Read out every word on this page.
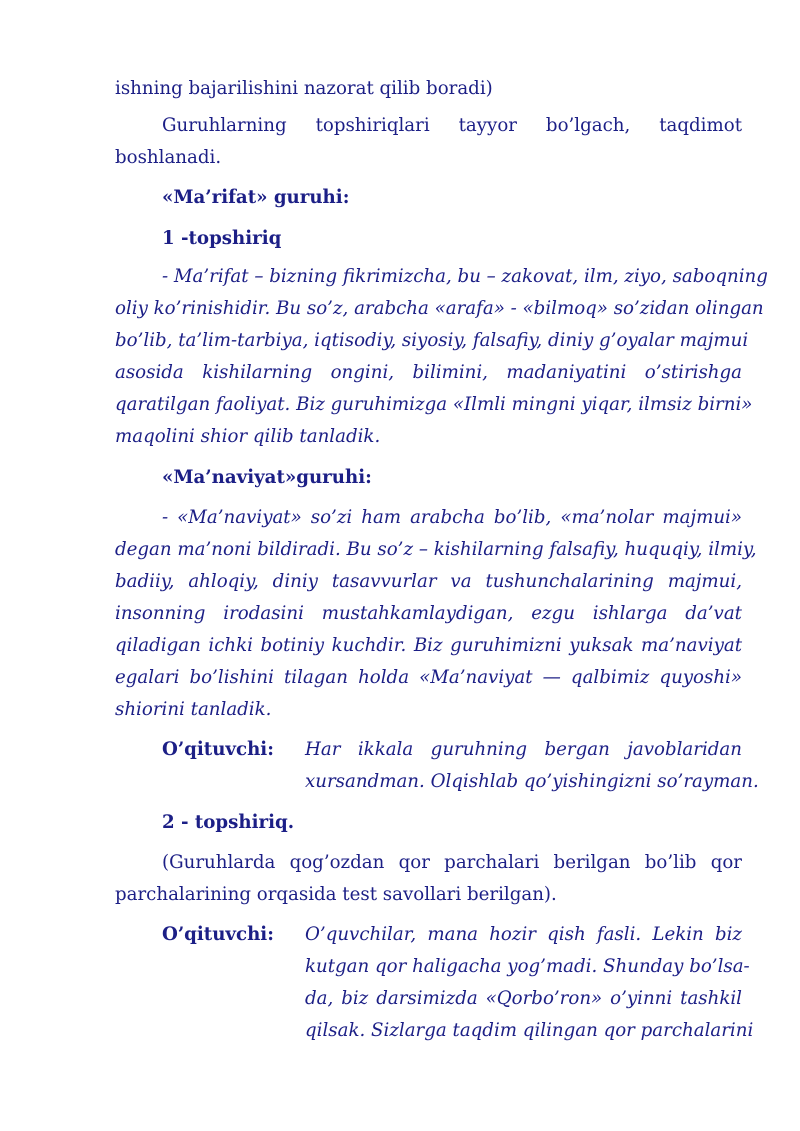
ishning bajarilishini nazorat qilib boradi)
Guruhlarning topshiriqlari tayyor bo’lgach, taqdimot
boshlanadi.
«Ma’rifat» guruhi:
1 -topshiriq
- Ma’rifat – bizning fikrimizcha, bu – zakovat, ilm, ziyo, saboqning
oliy ko’rinishidir. Bu so’z, arabcha «arafa» - «bilmoq» so’zidan olingan
bo’lib, ta’lim-tarbiya, iqtisodiy, siyosiy, falsafiy, diniy g’oyalar majmui
asosida kishilarning ongini, bilimini, madaniyatini o’stirishga
qaratilgan faoliyat. Biz guruhimizga «Ilmli mingni yiqar, ilmsiz birni»
maqolini shior qilib tanladik.
«Ma’naviyat»guruhi:
- «Ma’naviyat» so’zi ham arabcha bo’lib, «ma’nolar majmui»
degan ma’noni bildiradi. Bu so’z – kishilarning falsafiy, huquqiy, ilmiy,
badiiy, ahloqiy, diniy tasavvurlar va tushunchalarining majmui,
insonning irodasini mustahkamlaydigan, ezgu ishlarga da’vat
qiladigan ichki botiniy kuchdir. Biz guruhimizni yuksak ma’naviyat
egalari bo’lishini tilagan holda «Ma’naviyat — qalbimiz quyoshi»
shiorini tanladik.
O’qituvchi: Har ikkala guruhning bergan javoblaridan
xursandman. Olqishlab qo’yishingizni so’rayman.
2 - topshiriq.
(Guruhlarda qog’ozdan qor parchalari berilgan bo’lib qor
parchalarining orqasida test savollari berilgan).
O’qituvchi: O’quvchilar, mana hozir qish fasli. Lekin biz
kutgan qor haligacha yog’madi. Shunday bo’lsa-
da, biz darsimizda «Qorbo’ron» o’yinni tashkil
qilsak. Sizlarga taqdim qilingan qor parchalarini
